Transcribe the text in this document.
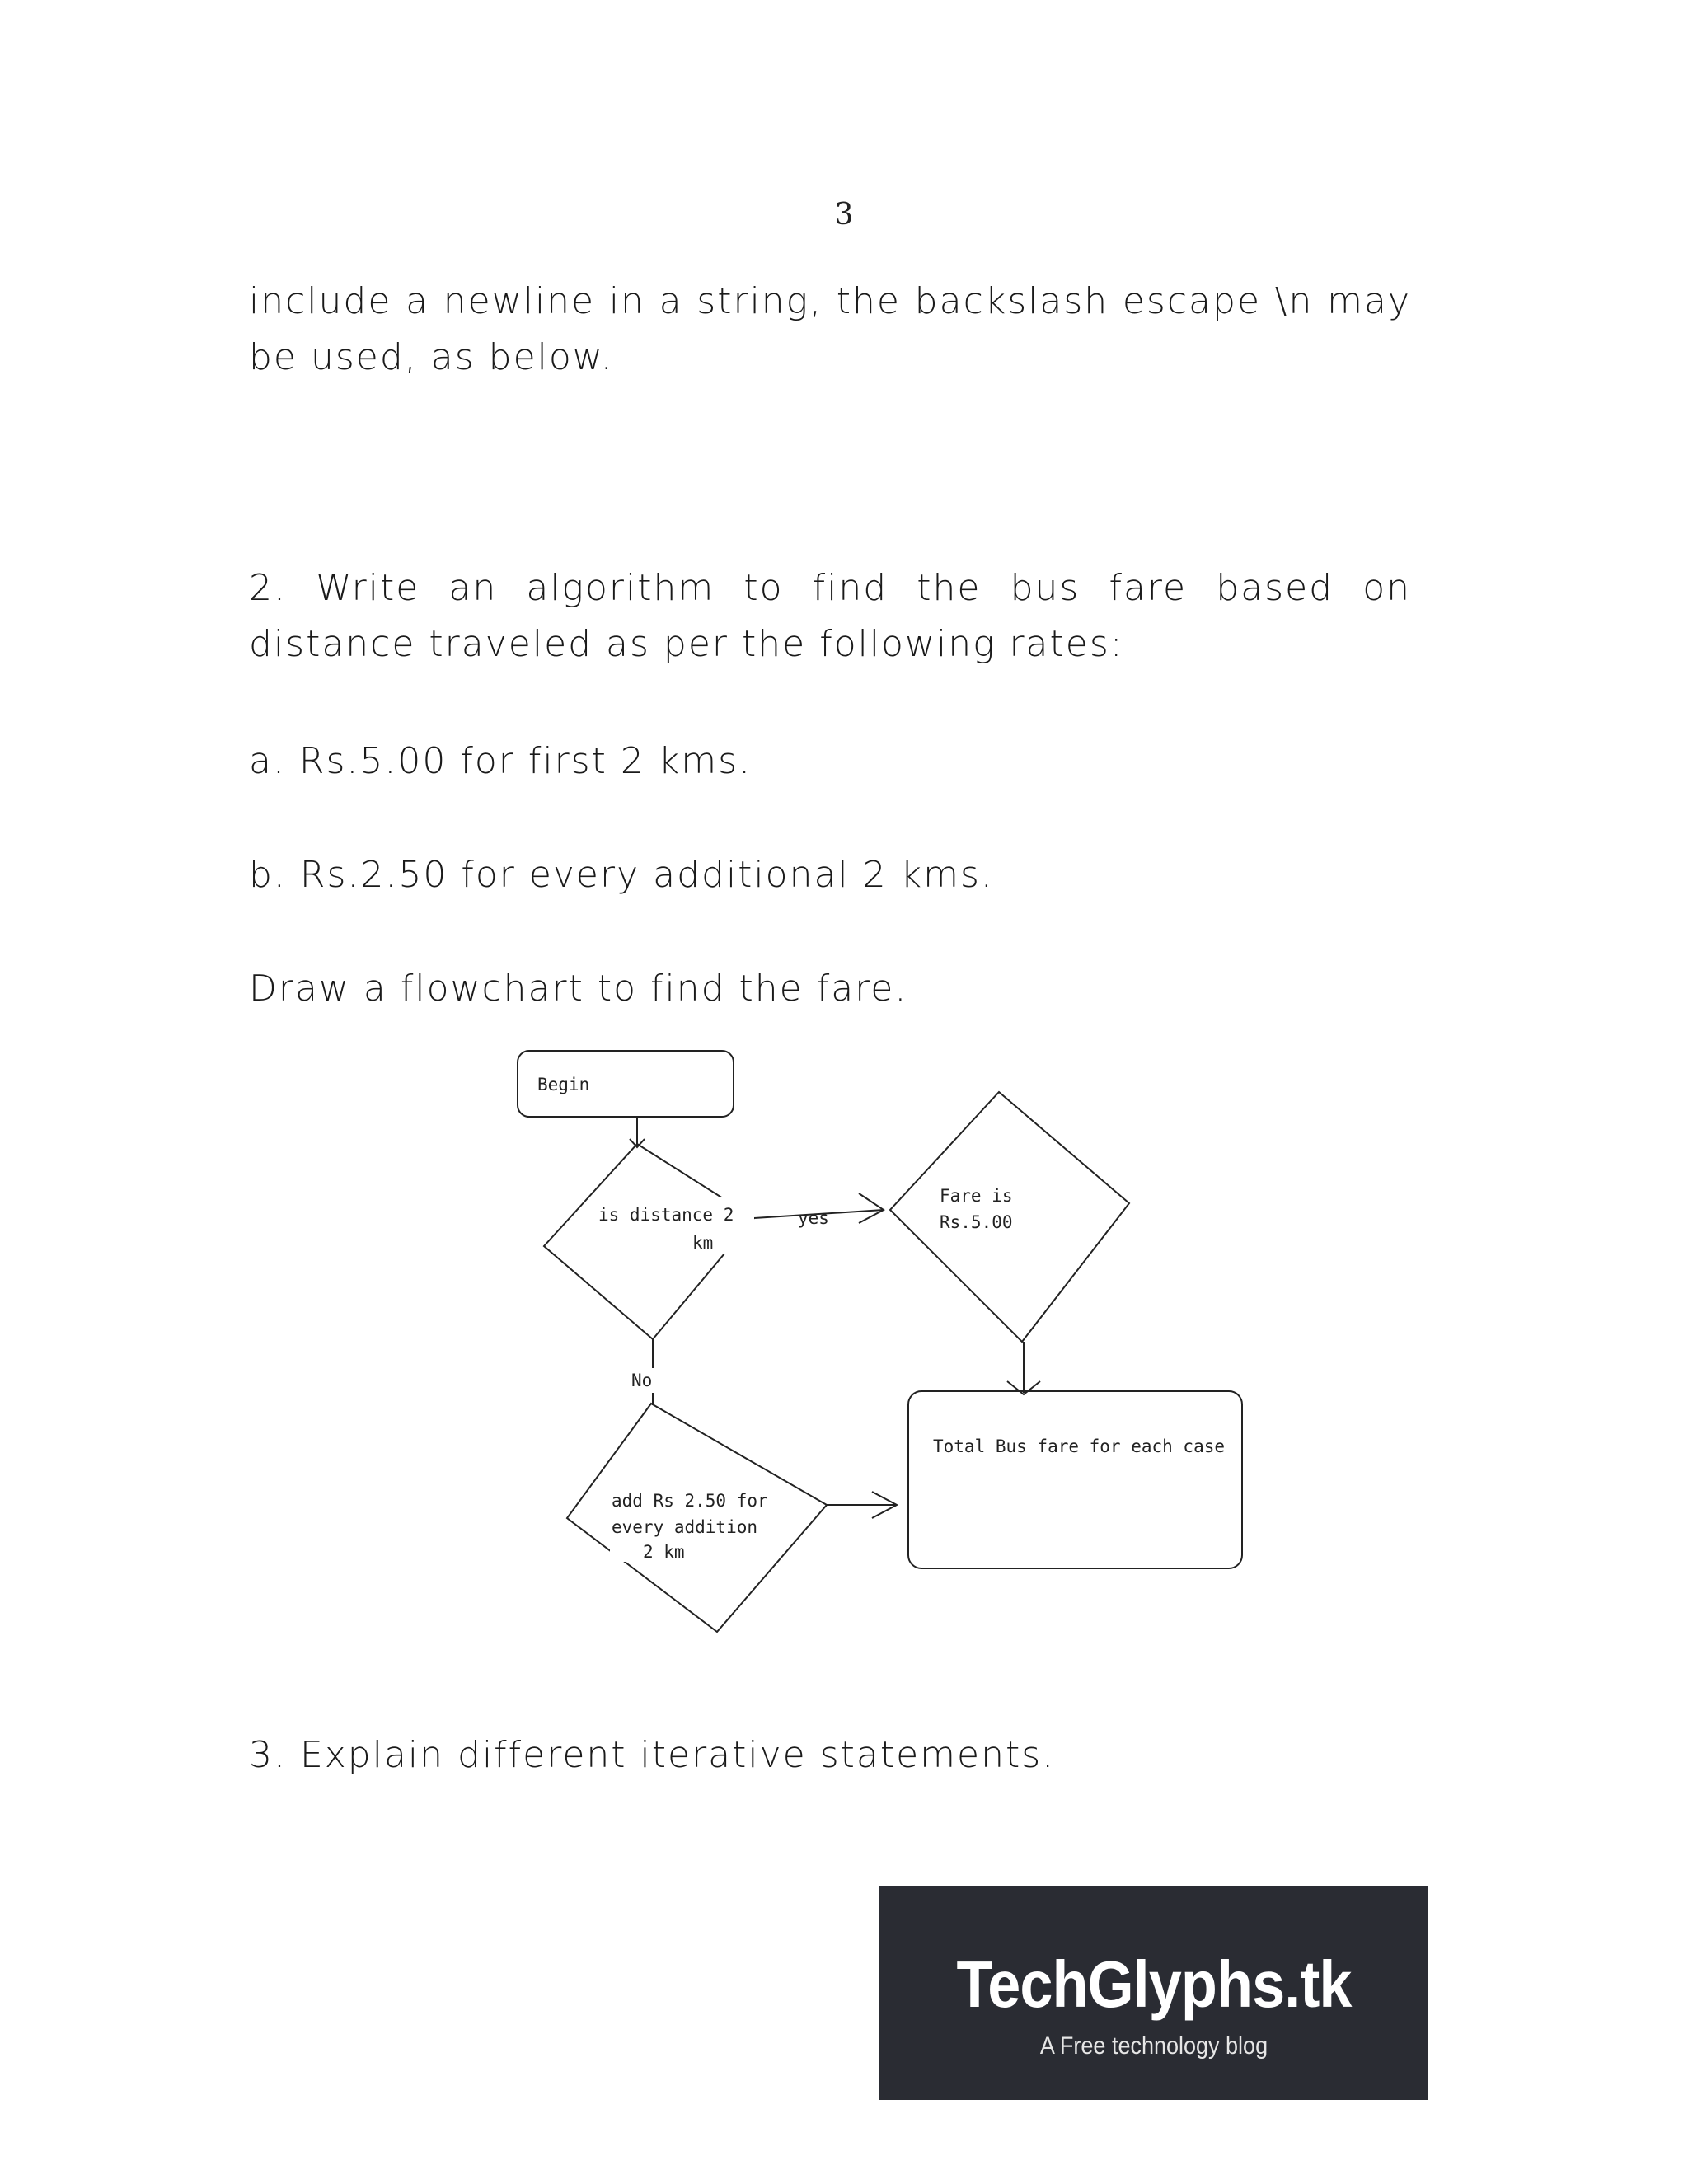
3
include a newline in a string, the backslash escape \n may be used, as below.
2. Write an algorithm to find the bus fare based on distance traveled as per the following rates:
a. Rs.5.00 for first 2 kms.
b. Rs.2.50 for every additional 2 kms.
Draw a flowchart to find the fare.
Begin
is distance 2
km
yes
Fare is
Rs.5.00
No
add Rs 2.50 for
every addition
2 km
Total Bus fare for each case
3. Explain different iterative statements.
TechGlyphs.tk
A Free technology blog
